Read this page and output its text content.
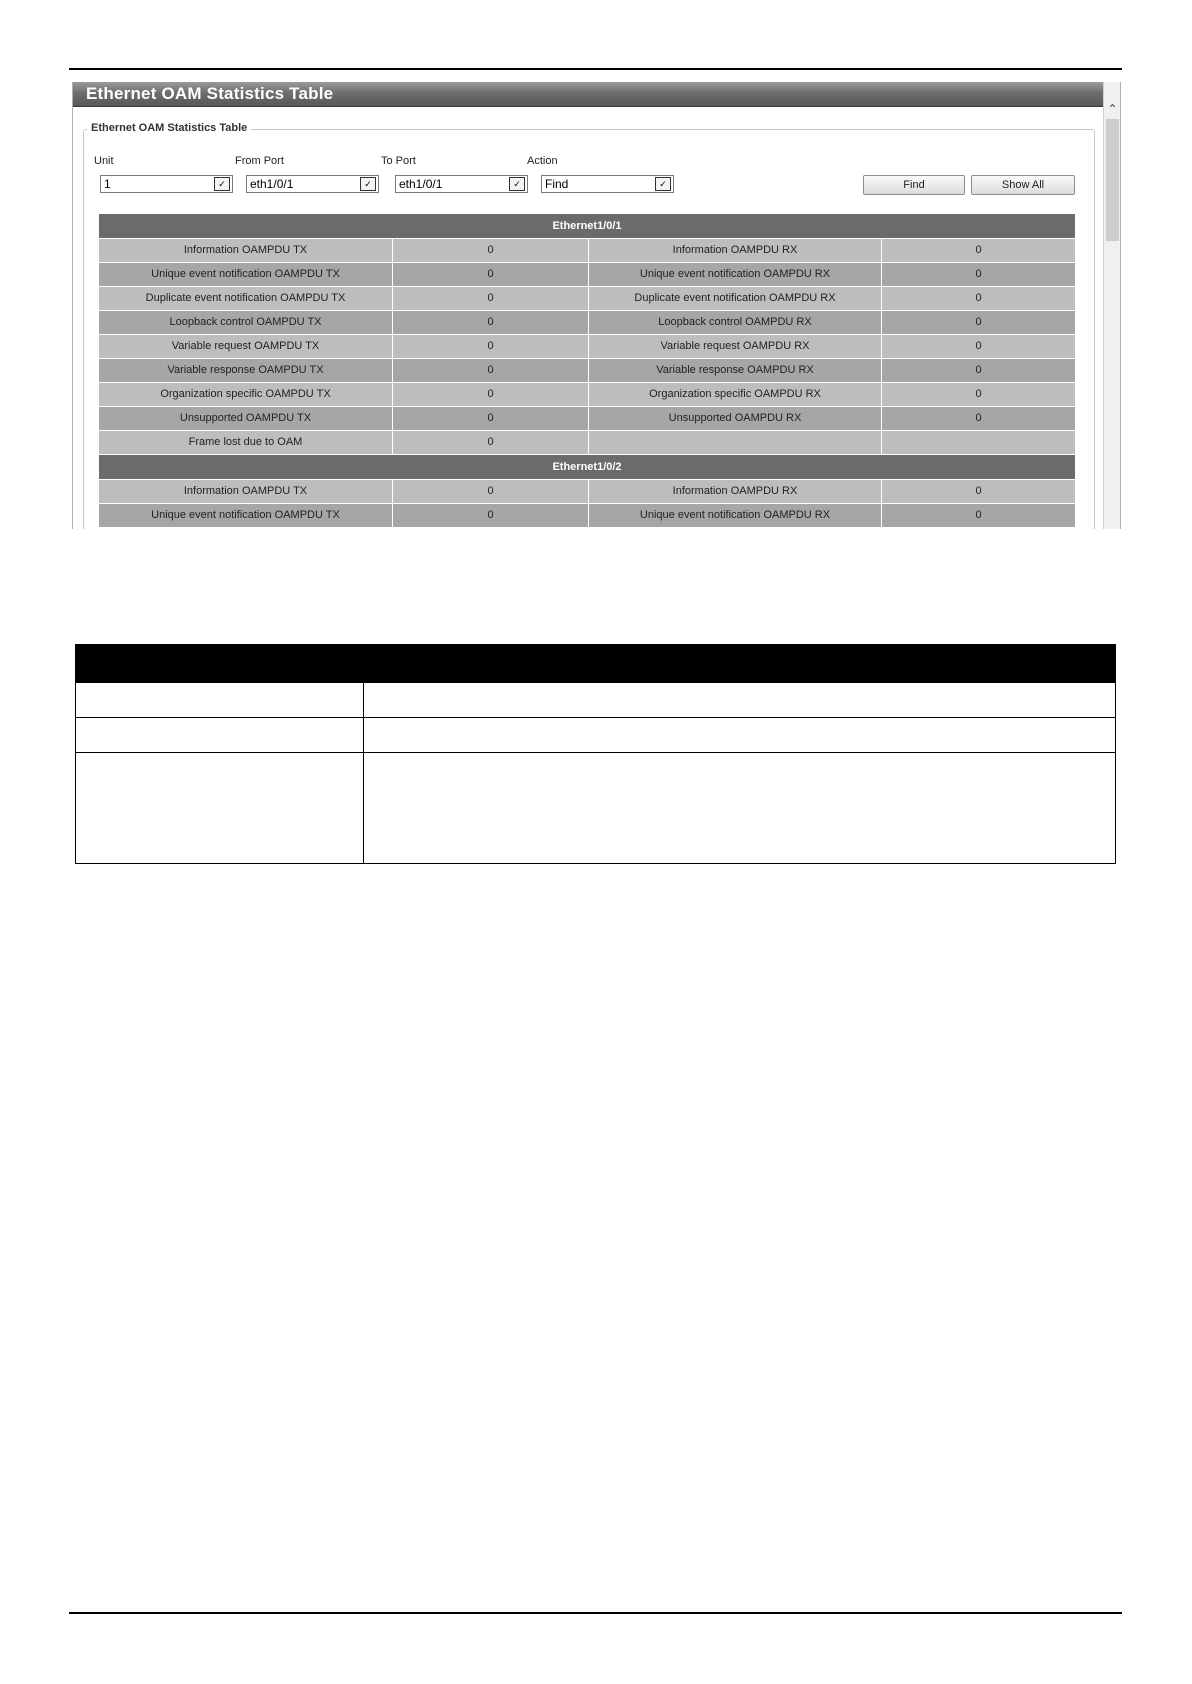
Ethernet OAM Statistics Table
⌃
Ethernet OAM Statistics Table
Unit	From Port	To Port	Action
1	✓	eth1/0/1	✓	eth1/0/1	✓	Find	✓	Find	Show All
Ethernet1/0/1
Information OAMPDU TX	0	Information OAMPDU RX	0
Unique event notification OAMPDU TX	0	Unique event notification OAMPDU RX	0
Duplicate event notification OAMPDU TX	0	Duplicate event notification OAMPDU RX	0
Loopback control OAMPDU TX	0	Loopback control OAMPDU RX	0
Variable request OAMPDU TX	0	Variable request OAMPDU RX	0
Variable response OAMPDU TX	0	Variable response OAMPDU RX	0
Organization specific OAMPDU TX	0	Organization specific OAMPDU RX	0
Unsupported OAMPDU TX	0	Unsupported OAMPDU RX	0
Frame lost due to OAM	0
Ethernet1/0/2
Information OAMPDU TX	0	Information OAMPDU RX	0
Unique event notification OAMPDU TX	0	Unique event notification OAMPDU RX	0
